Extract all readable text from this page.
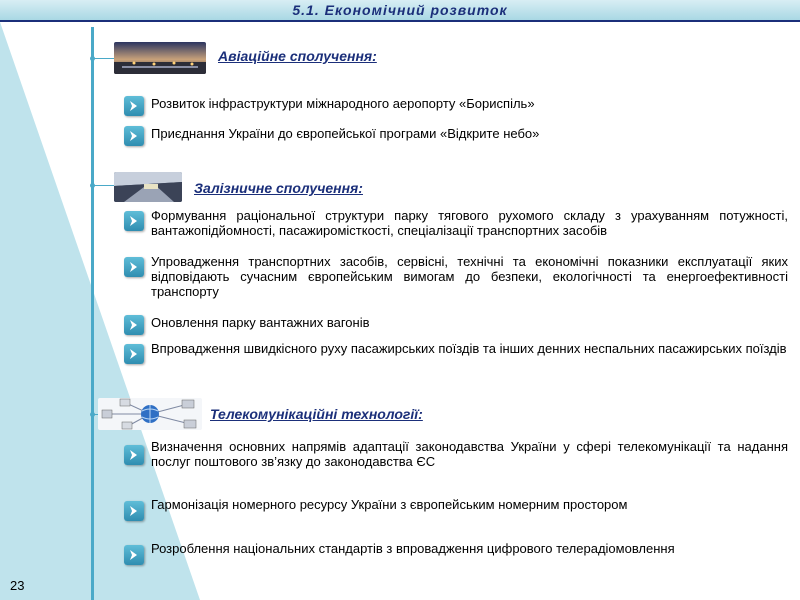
5.1. Економічний розвиток
Авіаційне сполучення:
Розвиток інфраструктури міжнародного аеропорту «Бориспіль»
Приєднання України до європейської програми «Відкрите небо»
Залізничне сполучення:
Формування раціональної структури парку тягового рухомого складу з урахуванням потужності, вантажопідйомності, пасажиромісткості, спеціалізації транспортних засобів
Упровадження транспортних засобів, сервісні, технічні та економічні показники експлуатації яких відповідають сучасним європейським вимогам до безпеки, екологічності та енергоефективності транспорту
Оновлення парку вантажних вагонів
Впровадження швидкісного руху пасажирських поїздів та інших денних неспальних пасажирських поїздів
Телекомунікаційні технології:
Визначення основних напрямів адаптації законодавства України у сфері телекомунікації та надання послуг поштового зв’язку до законодавства ЄС
Гармонізація номерного ресурсу України з європейським номерним простором
Розроблення національних стандартів з впровадження цифрового телерадіомовлення
23
